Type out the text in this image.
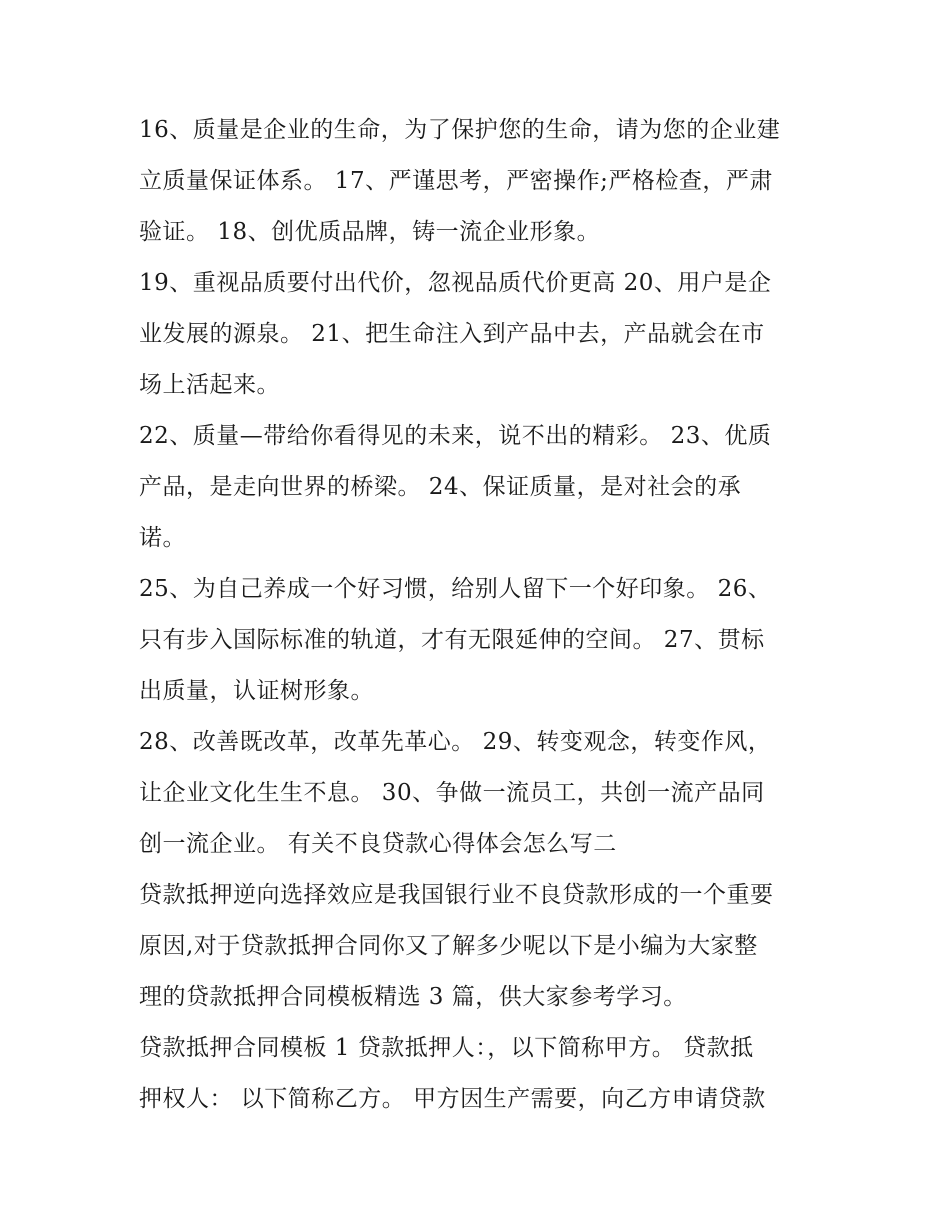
16、质量是企业的生命，为了保护您的生命，请为您的企业建
立质量保证体系。 17、严谨思考，严密操作;严格检查，严肃
验证。 18、创优质品牌，铸一流企业形象。
19、重视品质要付出代价，忽视品质代价更高 20、用户是企
业发展的源泉。 21、把生命注入到产品中去，产品就会在市
场上活起来。
22、质量—带给你看得见的未来，说不出的精彩。 23、优质
产品，是走向世界的桥梁。 24、保证质量，是对社会的承
诺。
25、为自己养成一个好习惯，给别人留下一个好印象。 26、
只有步入国际标准的轨道，才有无限延伸的空间。 27、贯标
出质量，认证树形象。
28、改善既改革，改革先革心。 29、转变观念，转变作风，
让企业文化生生不息。 30、争做一流员工，共创一流产品同
创一流企业。 有关不良贷款心得体会怎么写二
贷款抵押逆向选择效应是我国银行业不良贷款形成的一个重要
原因,对于贷款抵押合同你又了解多少呢以下是小编为大家整
理的贷款抵押合同模板精选 3 篇，供大家参考学习。
贷款抵押合同模板 1 贷款抵押人：，以下简称甲方。 贷款抵
押权人： 以下简称乙方。 甲方因生产需要，向乙方申请贷款
